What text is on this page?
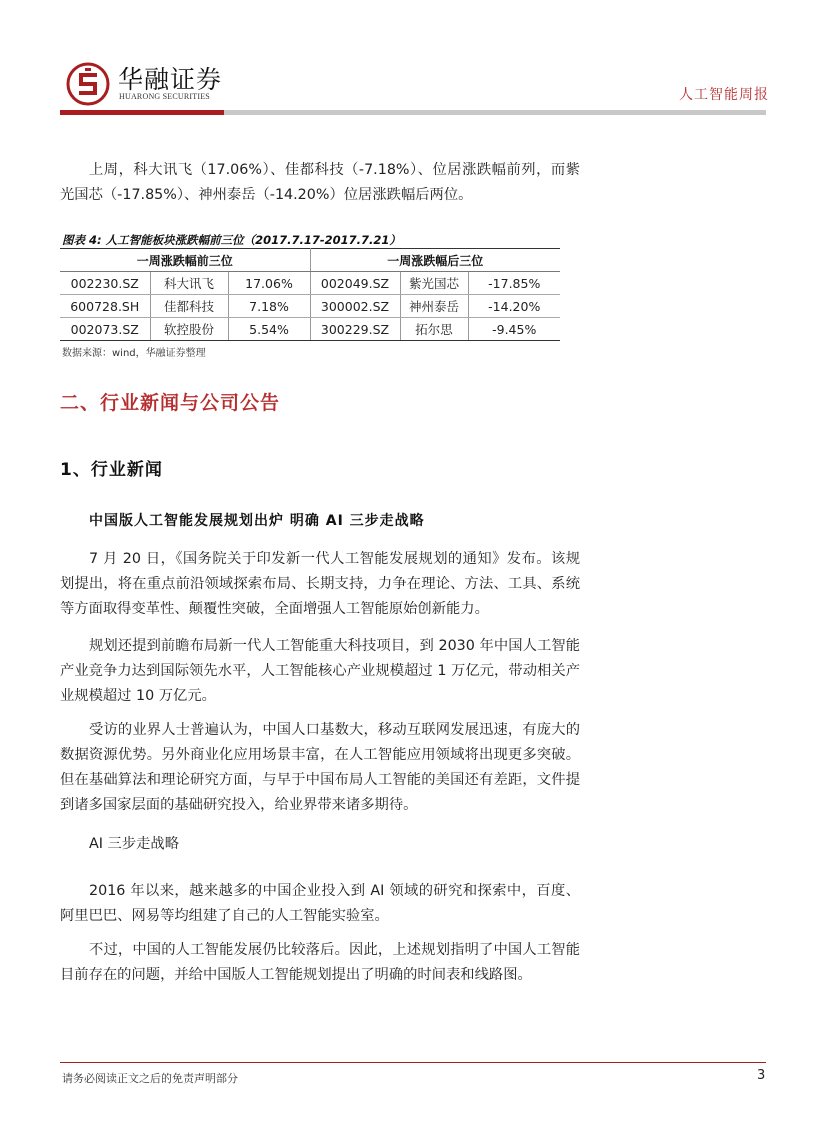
华融证券
HUARONG SECURITIES	人工智能周报

上周，科大讯飞（17.06%）、佳都科技（-7.18%）、位居涨跌幅前列，而紫光国芯（-17.85%）、神州泰岳（-14.20%）位居涨跌幅后两位。

图表 4: 人工智能板块涨跌幅前三位（2017.7.17-2017.7.21）
一周涨跌幅前三位			一周涨跌幅后三位		
002230.SZ	科大讯飞	17.06%	002049.SZ	紫光国芯	-17.85%
600728.SH	佳都科技	7.18%	300002.SZ	神州泰岳	-14.20%
002073.SZ	软控股份	5.54%	300229.SZ	拓尔思	-9.45%
数据来源：wind，华融证券整理
二、行业新闻与公司公告
1、行业新闻
中国版人工智能发展规划出炉 明确 AI 三步走战略

7 月 20 日，《国务院关于印发新一代人工智能发展规划的通知》发布。该规划提出，将在重点前沿领域探索布局、长期支持，力争在理论、方法、工具、系统等方面取得变革性、颠覆性突破，全面增强人工智能原始创新能力。

规划还提到前瞻布局新一代人工智能重大科技项目，到 2030 年中国人工智能产业竞争力达到国际领先水平，人工智能核心产业规模超过 1 万亿元，带动相关产业规模超过 10 万亿元。

受访的业界人士普遍认为，中国人口基数大，移动互联网发展迅速，有庞大的数据资源优势。另外商业化应用场景丰富，在人工智能应用领域将出现更多突破。但在基础算法和理论研究方面，与早于中国布局人工智能的美国还有差距，文件提到诸多国家层面的基础研究投入，给业界带来诸多期待。

AI 三步走战略

2016 年以来，越来越多的中国企业投入到 AI 领域的研究和探索中，百度、阿里巴巴、网易等均组建了自己的人工智能实验室。

不过，中国的人工智能发展仍比较落后。因此，上述规划指明了中国人工智能目前存在的问题，并给中国版人工智能规划提出了明确的时间表和线路图。

请务必阅读正文之后的免责声明部分	3
